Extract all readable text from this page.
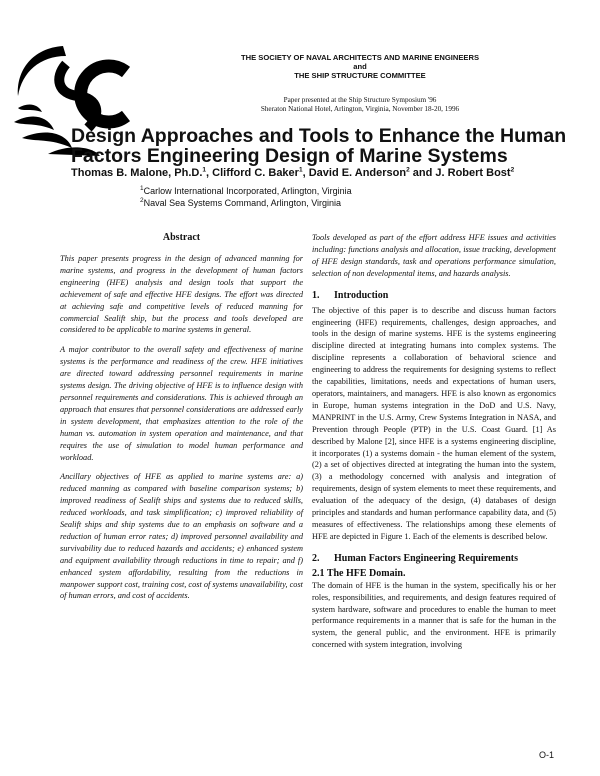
THE SOCIETY OF NAVAL ARCHITECTS AND MARINE ENGINEERS
and
THE SHIP STRUCTURE COMMITTEE
Paper presented at the Ship Structure Symposium '96
Sheraton National Hotel, Arlington, Virginia, November 18-20, 1996
Design Approaches and Tools to Enhance the Human
Factors Engineering Design of Marine Systems
Thomas B. Malone, Ph.D.$^1$, Clifford C. Baker$^1$, David E. Anderson$^2$ and J. Robert Bost$^2$
$^1$Carlow International Incorporated, Arlington, Virginia
$^2$Naval Sea Systems Command, Arlington, Virginia
Abstract

This paper presents progress in the design of advanced manning for marine systems, and progress in the development of human factors engineering (HFE) analysis and design tools that support the achievement of safe and effective HFE designs. The effort was directed at achieving safe and competitive levels of reduced manning for commercial Sealift ship, but the process and tools developed are considered to be applicable to marine systems in general.

A major contributor to the overall safety and effectiveness of marine systems is the performance and readiness of the crew. HFE initiatives are directed toward addressing personnel requirements in marine systems design. The driving objective of HFE is to influence design with personnel requirements and considerations. This is achieved through an approach that ensures that personnel considerations are addressed early in system development, that emphasizes attention to the role of the human vs. automation in system operation and maintenance, and that requires the use of simulation to model human performance and workload.

Ancillary objectives of HFE as applied to marine systems are: a) reduced manning as compared with baseline comparison systems; b) improved readiness of Sealift ships and systems due to reduced skills, reduced workloads, and task simplification; c) improved reliability of Sealift ships and ship systems due to an emphasis on software and a reduction of human error rates; d) improved personnel availability and survivability due to reduced hazards and accidents; e) enhanced system and equipment availability through reductions in time to repair; and f) enhanced system affordability, resulting from the reductions in manpower support cost, training cost, cost of systems unavailability, cost of human errors, and cost of accidents.

Tools developed as part of the effort address HFE issues and activities including: functions analysis and allocation, issue tracking, development of HFE design standards, task and operations performance simulation, selection of non developmental items, and hazards analysis.

1. Introduction

The objective of this paper is to describe and discuss human factors engineering (HFE) requirements, challenges, design approaches, and tools in the design of marine systems. HFE is the systems engineering discipline directed at integrating humans into complex systems. The discipline represents a collaboration of behavioral science and engineering to address the requirements for designing systems to reflect the capabilities, limitations, needs and expectations of human users, operators, maintainers, and managers. HFE is also known as ergonomics in Europe, human systems integration in the DoD and U.S. Navy, MANPRINT in the U.S. Army, Crew Systems Integration in NASA, and Prevention through People (PTP) in the U.S. Coast Guard. [1] As described by Malone [2], since HFE is a systems engineering discipline, it incorporates (1) a systems domain - the human element of the system, (2) a set of objectives directed at integrating the human into the system, (3) a methodology concerned with analysis and integration of requirements, design of system elements to meet these requirements, and evaluation of the adequacy of the design, (4) databases of design principles and standards and human performance capability data, and (5) measures of effectiveness. The relationships among these elements of HFE are depicted in Figure 1. Each of the elements is described below.

2. Human Factors Engineering Requirements
2.1 The HFE Domain.

The domain of HFE is the human in the system, specifically his or her roles, responsibilities, and requirements, and design features required of system hardware, software and procedures to enable the human to meet performance requirements in a manner that is safe for the human in the system, the general public, and the environment. HFE is primarily concerned with system integration, involving

O-1
